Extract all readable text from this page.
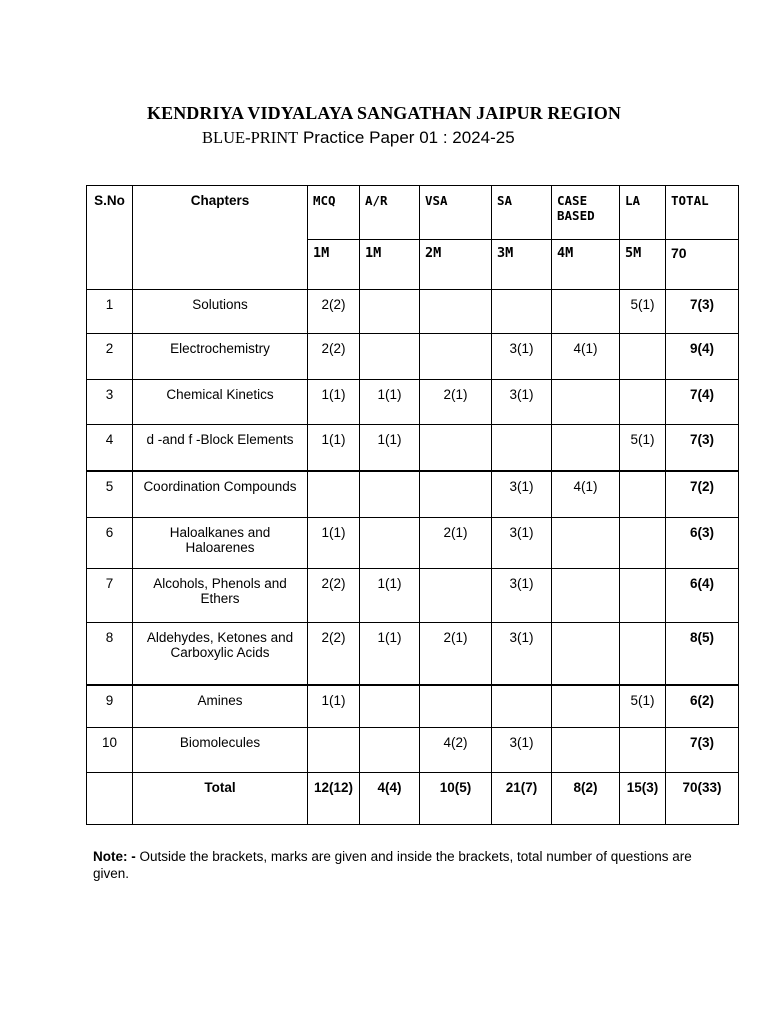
KENDRIYA VIDYALAYA SANGATHAN JAIPUR REGION
BLUE-PRINT Practice Paper 01 : 2024-25
S.No	Chapters	MCQ	A/R	VSA	SA	CASE BASED	LA	TOTAL
		1M	1M	2M	3M	4M	5M	70
1	Solutions	2(2)					5(1)	7(3)
2	Electrochemistry	2(2)			3(1)	4(1)		9(4)
3	Chemical Kinetics	1(1)	1(1)	2(1)	3(1)			7(4)
4	d -and f -Block Elements	1(1)	1(1)				5(1)	7(3)
5	Coordination Compounds				3(1)	4(1)		7(2)
6	Haloalkanes and Haloarenes	1(1)		2(1)	3(1)			6(3)
7	Alcohols, Phenols and Ethers	2(2)	1(1)		3(1)			6(4)
8	Aldehydes, Ketones and Carboxylic Acids	2(2)	1(1)	2(1)	3(1)			8(5)
9	Amines	1(1)					5(1)	6(2)
10	Biomolecules			4(2)	3(1)			7(3)
	Total	12(12)	4(4)	10(5)	21(7)	8(2)	15(3)	70(33)
Note: - Outside the brackets, marks are given and inside the brackets, total number of questions are given.
